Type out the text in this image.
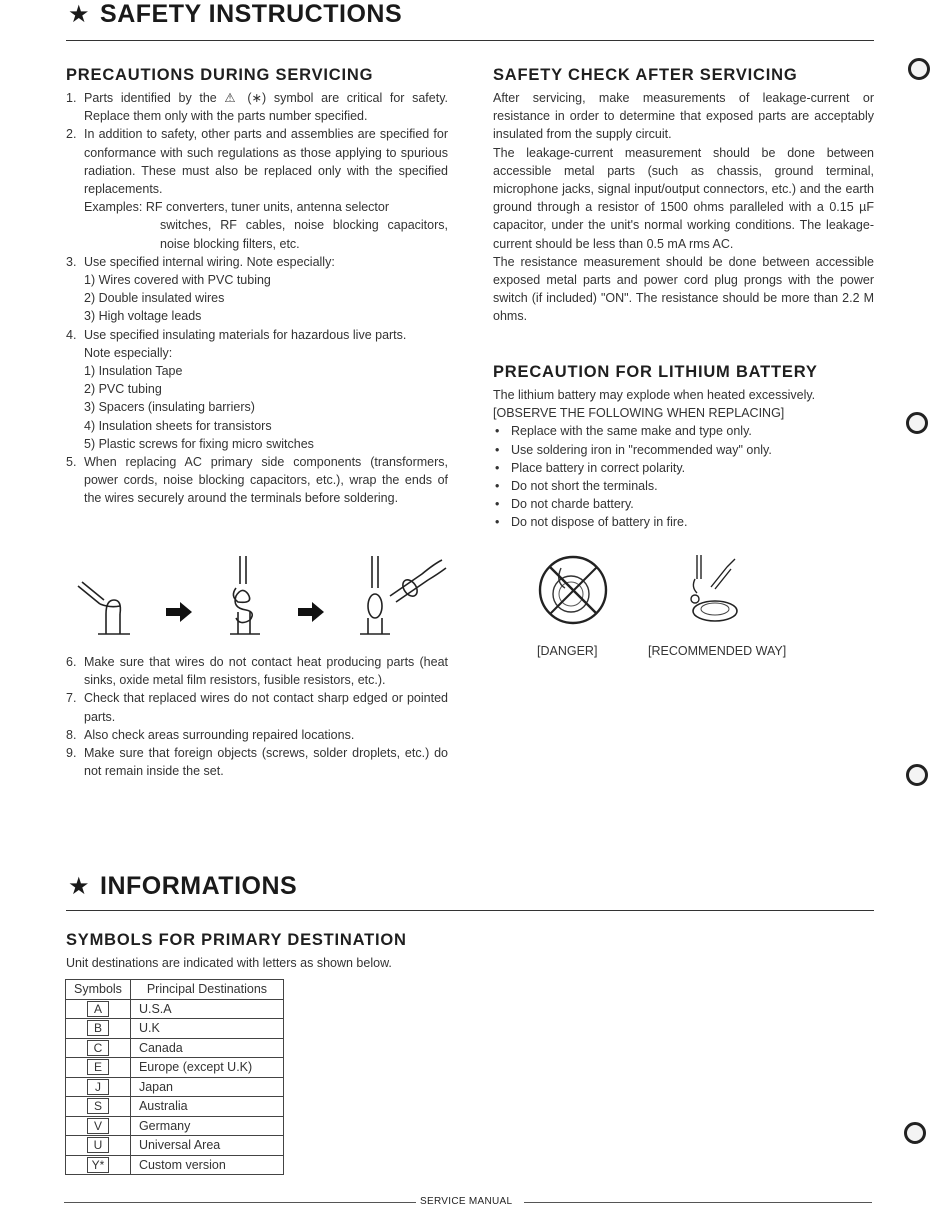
★ SAFETY INSTRUCTIONS
PRECAUTIONS DURING SERVICING
1. Parts identified by the ⚠ (∗) symbol are critical for safety. Replace them only with the parts number specified.
2. In addition to safety, other parts and assemblies are specified for conformance with such regulations as those applying to spurious radiation. These must also be replaced only with the specified replacements.
Examples: RF converters, tuner units, antenna selector
switches, RF cables, noise blocking capacitors, noise blocking filters, etc.
3. Use specified internal wiring. Note especially:
1) Wires covered with PVC tubing
2) Double insulated wires
3) High voltage leads
4. Use specified insulating materials for hazardous live parts.
Note especially:
1) Insulation Tape
2) PVC tubing
3) Spacers (insulating barriers)
4) Insulation sheets for transistors
5) Plastic screws for fixing micro switches
5. When replacing AC primary side components (transformers, power cords, noise blocking capacitors, etc.), wrap the ends of the wires securely around the terminals before soldering.
6. Make sure that wires do not contact heat producing parts (heat sinks, oxide metal film resistors, fusible resistors, etc.).
7. Check that replaced wires do not contact sharp edged or pointed parts.
8. Also check areas surrounding repaired locations.
9. Make sure that foreign objects (screws, solder droplets, etc.) do not remain inside the set.
SAFETY CHECK AFTER SERVICING
After servicing, make measurements of leakage-current or resistance in order to determine that exposed parts are acceptably insulated from the supply circuit.
The leakage-current measurement should be done between accessible metal parts (such as chassis, ground terminal, microphone jacks, signal input/output connectors, etc.) and the earth ground through a resistor of 1500 ohms paralleled with a 0.15 µF capacitor, under the unit's normal working conditions. The leakage-current should be less than 0.5 mA rms AC.
The resistance measurement should be done between accessible exposed metal parts and power cord plug prongs with the power switch (if included) "ON". The resistance should be more than 2.2 M ohms.
PRECAUTION FOR LITHIUM BATTERY
The lithium battery may explode when heated excessively.
[OBSERVE THE FOLLOWING WHEN REPLACING]
• Replace with the same make and type only.
• Use soldering iron in "recommended way" only.
• Place battery in correct polarity.
• Do not short the terminals.
• Do not charde battery.
• Do not dispose of battery in fire.
[DANGER]	[RECOMMENDED WAY]
★ INFORMATIONS
SYMBOLS FOR PRIMARY DESTINATION
Unit destinations are indicated with letters as shown below.
Symbols	Principal Destinations
A	U.S.A
B	U.K
C	Canada
E	Europe (except U.K)
J	Japan
S	Australia
V	Germany
U	Universal Area
Y*	Custom version
SERVICE MANUAL
